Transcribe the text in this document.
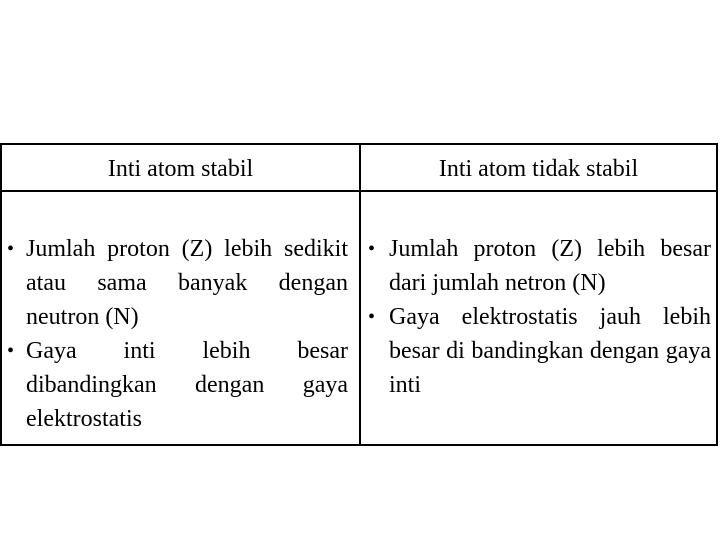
Inti atom stabil	Inti atom tidak stabil
• Jumlah proton (Z) lebih sedikit atau sama banyak dengan neutron (N)
• Gaya inti lebih besar dibandingkan dengan gaya elektrostatis
• Jumlah proton (Z) lebih besar dari jumlah netron (N)
• Gaya elektrostatis jauh lebih besar di bandingkan dengan gaya inti
